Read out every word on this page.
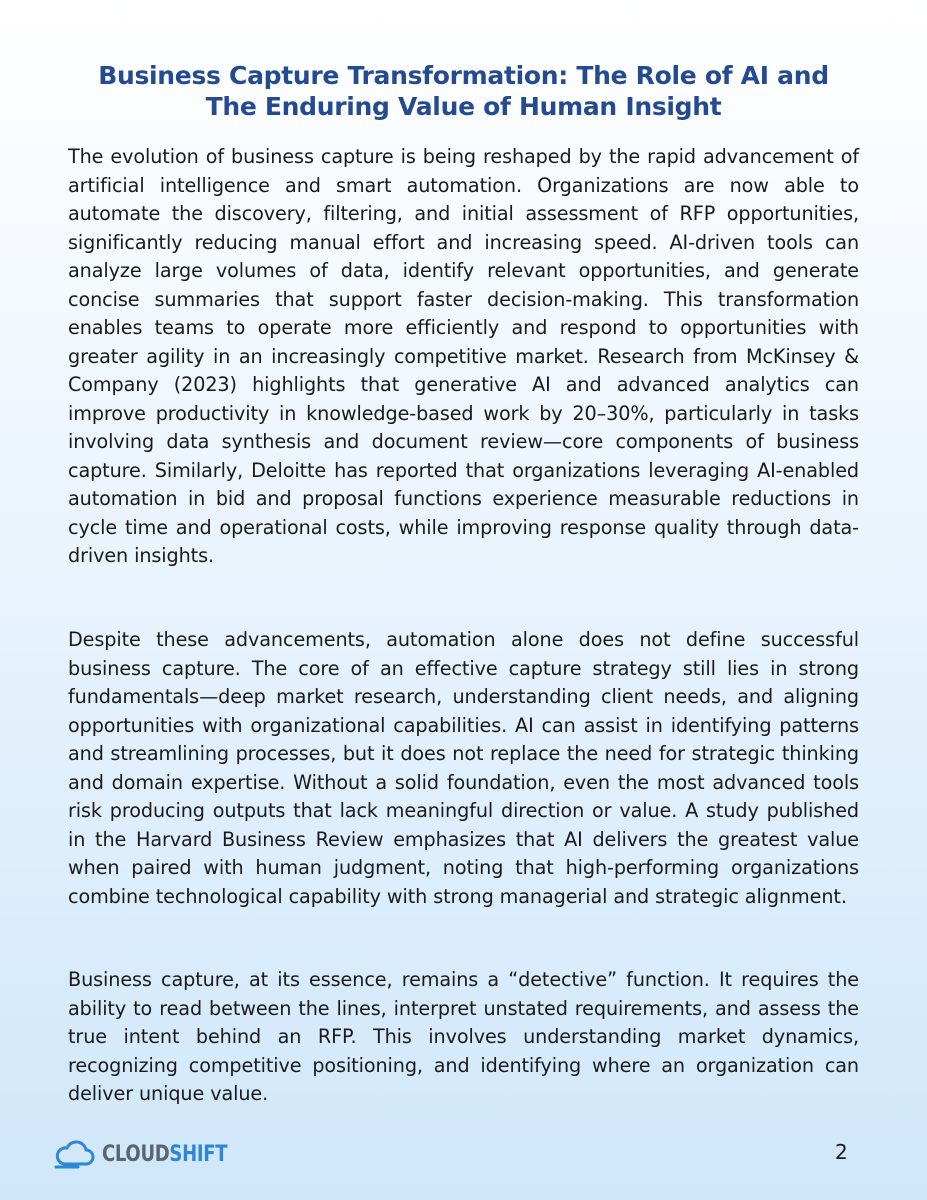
Business Capture Transformation: The Role of AI and
The Enduring Value of Human Insight

The evolution of business capture is being reshaped by the rapid advancement of artificial intelligence and smart automation. Organizations are now able to automate the discovery, filtering, and initial assessment of RFP opportunities, significantly reducing manual effort and increasing speed. AI-driven tools can analyze large volumes of data, identify relevant opportunities, and generate concise summaries that support faster decision-making. This transformation enables teams to operate more efficiently and respond to opportunities with greater agility in an increasingly competitive market. Research from McKinsey & Company (2023) highlights that generative AI and advanced analytics can improve productivity in knowledge-based work by 20–30%, particularly in tasks involving data synthesis and document review—core components of business capture. Similarly, Deloitte has reported that organizations leveraging AI-enabled automation in bid and proposal functions experience measurable reductions in cycle time and operational costs, while improving response quality through data-driven insights.

Despite these advancements, automation alone does not define successful business capture. The core of an effective capture strategy still lies in strong fundamentals—deep market research, understanding client needs, and aligning opportunities with organizational capabilities. AI can assist in identifying patterns and streamlining processes, but it does not replace the need for strategic thinking and domain expertise. Without a solid foundation, even the most advanced tools risk producing outputs that lack meaningful direction or value. A study published in the Harvard Business Review emphasizes that AI delivers the greatest value when paired with human judgment, noting that high-performing organizations combine technological capability with strong managerial and strategic alignment.

Business capture, at its essence, remains a “detective” function. It requires the ability to read between the lines, interpret unstated requirements, and assess the true intent behind an RFP. This involves understanding market dynamics, recognizing competitive positioning, and identifying where an organization can deliver unique value.

CLOUDSHIFT	2
